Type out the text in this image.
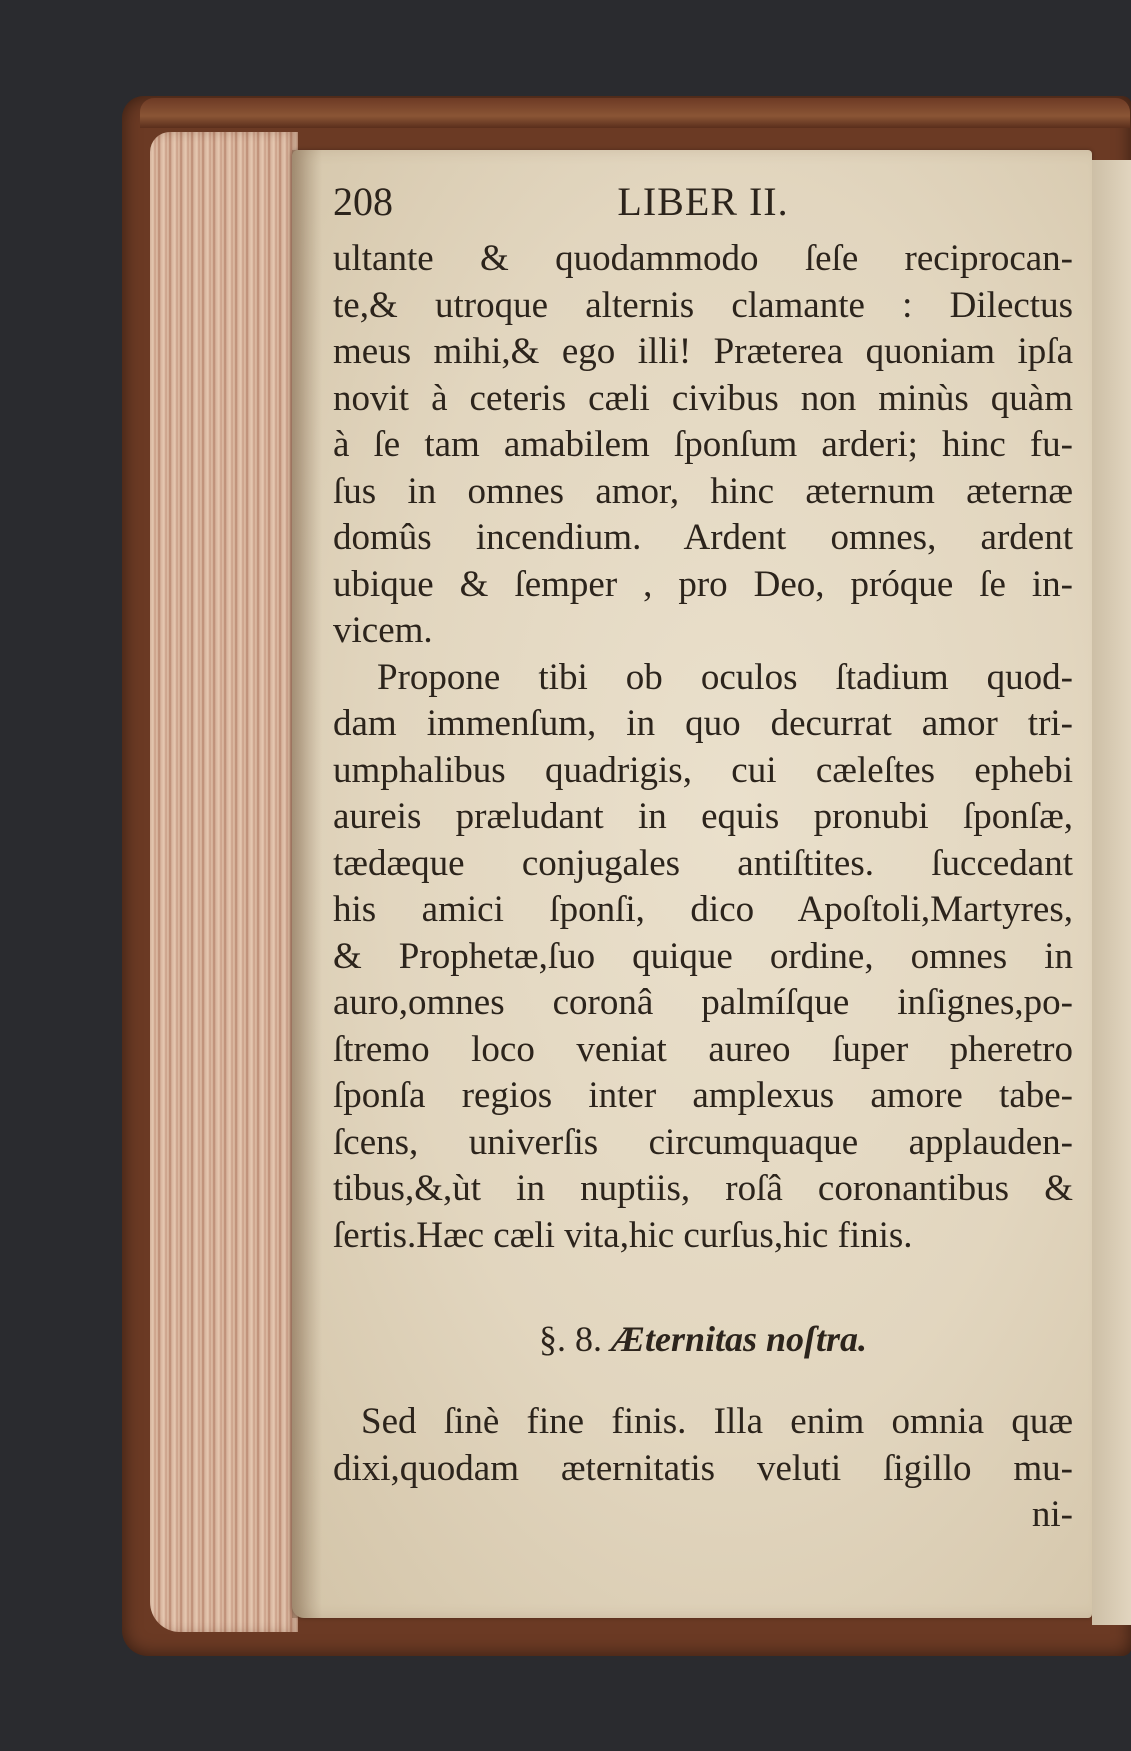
208	LIBER II.
ultante & quodammodo ſeſe reciprocan-
te,& utroque alternis clamante : Dilectus
meus mihi,& ego illi! Præterea quoniam ipſa
novit à ceteris cæli civibus non minùs quàm
à ſe tam amabilem ſponſum arderi; hinc fu-
ſus in omnes amor, hinc æternum æternæ
domûs incendium. Ardent omnes, ardent
ubique & ſemper , pro Deo, próque ſe in-
vicem.
Propone tibi ob oculos ſtadium quod-
dam immenſum, in quo decurrat amor tri-
umphalibus quadrigis, cui cæleſtes ephebi
aureis præludant in equis pronubi ſponſæ,
tædæque conjugales antiſtites. ſuccedant
his amici ſponſi, dico Apoſtoli,Martyres,
& Prophetæ,ſuo quique ordine, omnes in
auro,omnes coronâ palmíſque inſignes,po-
ſtremo loco veniat aureo ſuper pheretro
ſponſa regios inter amplexus amore tabe-
ſcens, univerſis circumquaque applauden-
tibus,&,ùt in nuptiis, roſâ coronantibus &
ſertis.Hæc cæli vita,hic curſus,hic finis.
§. 8. Æternitas noſtra.
Sed ſinè fine finis. Illa enim omnia quæ
dixi,quodam æternitatis veluti ſigillo mu-
ni-
